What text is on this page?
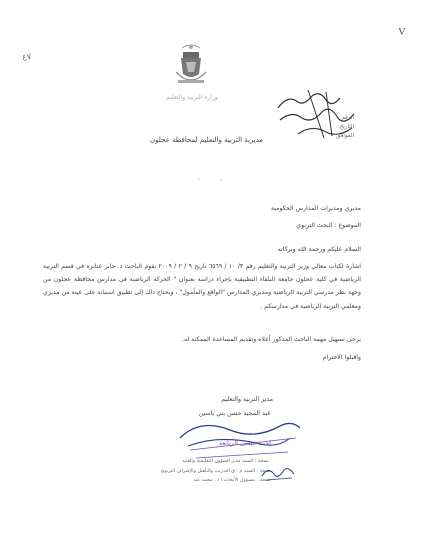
V
٤٧
وزارة التربية والتعليم
الرقم
التاريخ
الموافق
مديرية التربية والتعليم لمحافظة عجلون
مديري ومديرات المدارس الحكومية
الموضوع : البحث التربوي
السلام عليكم ورحمة الله وبركاته
اشارة لكتاب معالي وزير التربية والتعليم رقم ٣/ ١٠ / ٦٥٦٩ تاريخ ٩ / ٢ / ٢٠٠٩ يقوم الباحث د. جابر عنانزه في قسم التربية الرياضية في كلية عجلون جامعة البلقاء التطبيقية بإجراء دراسة بعنوان " الحركة الرياضية في مدارس محافظة عجلون من وجهة نظر مدرسي التربية الرياضية ومديري المدارس "الواقع والمأمول" ، ويحتاج ذلك إلى تطبيق استبانة على عينة من مديري ومعلمي التربية الرياضية في مدارسكم .
يرجى تسهيل مهمة الباحث المذكور أعلاه وتقديم المساعدة الممكنة له.
واقبلوا الاحترام
مدير التربية والتعليم
عبد المجيد حسن بني ياسين
احمد عيسى الربابعة
نسخة : السيد مدير الشؤون التعليمية والفنية
نسخة : السيد م . ق التدريب والتأهيل والإشراف التربوي
نسخة : مسؤول الأبحاث / د . محمد عيد
